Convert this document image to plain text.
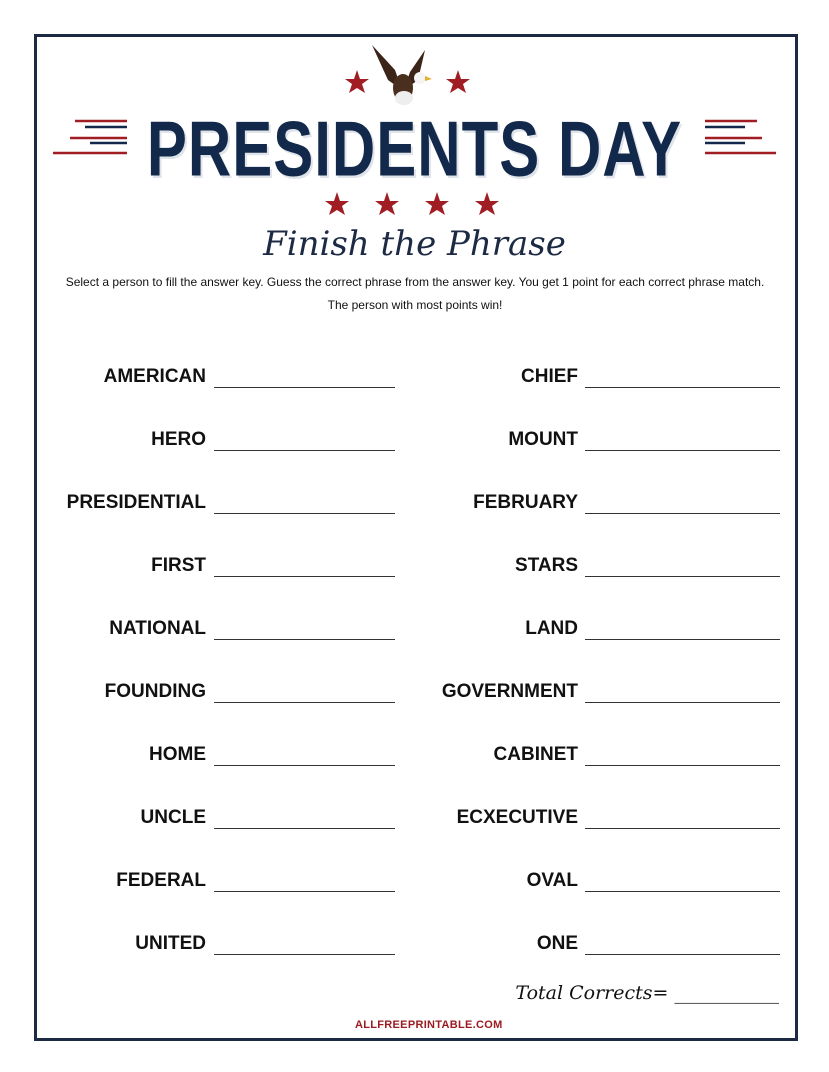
PRESIDENTS DAY
Finish the Phrase
Select a person to fill the answer key. Guess the correct phrase from the answer key. You get 1 point for each correct phrase match.
The person with most points win!
AMERICAN	CHIEF
HERO	MOUNT
PRESIDENTIAL	FEBRUARY
FIRST	STARS
NATIONAL	LAND
FOUNDING	GOVERNMENT
HOME	CABINET
UNCLE	ECXECUTIVE
FEDERAL	OVAL
UNITED	ONE
Total Corrects= ___________
ALLFREEPRINTABLE.COM
